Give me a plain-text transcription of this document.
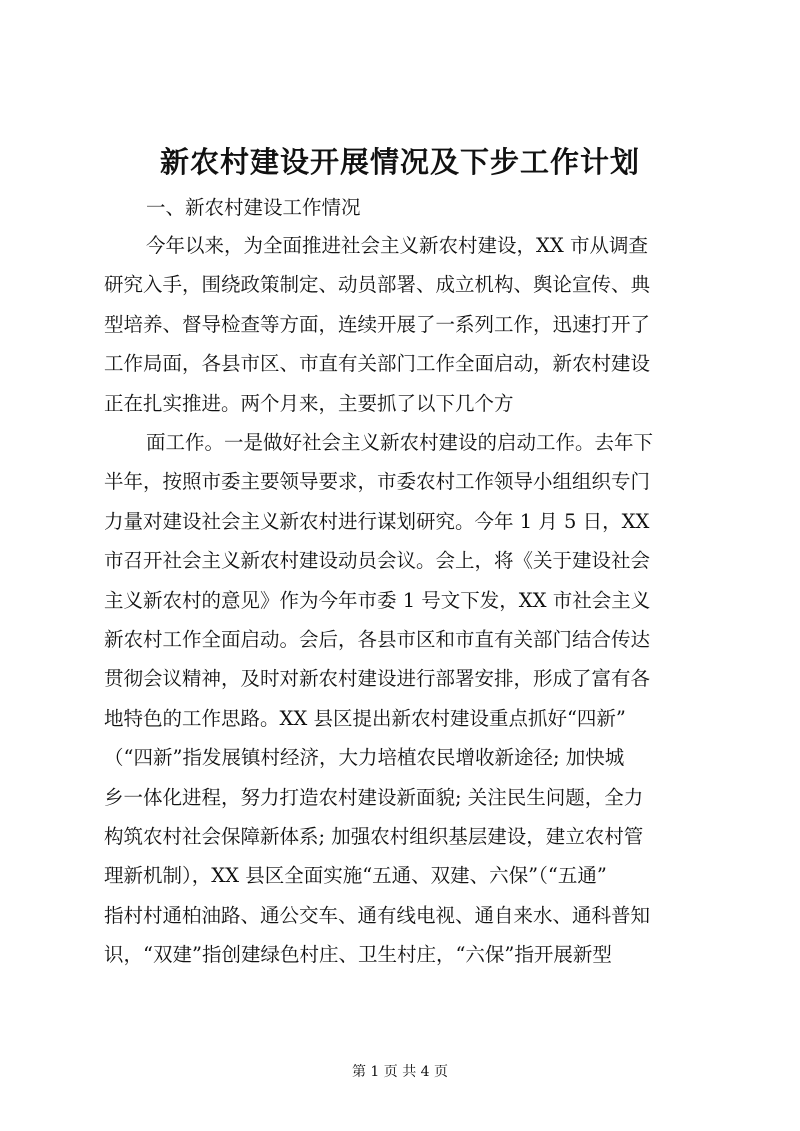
新农村建设开展情况及下步工作计划

一、新农村建设工作情况

今年以来，为全面推进社会主义新农村建设，XX 市从调查
研究入手，围绕政策制定、动员部署、成立机构、舆论宣传、典
型培养、督导检查等方面，连续开展了一系列工作，迅速打开了
工作局面，各县市区、市直有关部门工作全面启动，新农村建设
正在扎实推进。两个月来，主要抓了以下几个方
面工作。一是做好社会主义新农村建设的启动工作。去年下
半年，按照市委主要领导要求，市委农村工作领导小组组织专门
力量对建设社会主义新农村进行谋划研究。今年 1 月 5 日，XX
市召开社会主义新农村建设动员会议。会上，将《关于建设社会
主义新农村的意见》作为今年市委 1 号文下发，XX 市社会主义
新农村工作全面启动。会后，各县市区和市直有关部门结合传达
贯彻会议精神，及时对新农村建设进行部署安排，形成了富有各
地特色的工作思路。XX 县区提出新农村建设重点抓好“四新”
（“四新”指发展镇村经济，大力培植农民增收新途径; 加快城
乡一体化进程，努力打造农村建设新面貌; 关注民生问题，全力
构筑农村社会保障新体系; 加强农村组织基层建设，建立农村管
理新机制），XX 县区全面实施“五通、双建、六保”（“五通”
指村村通柏油路、通公交车、通有线电视、通自来水、通科普知
识，“双建”指创建绿色村庄、卫生村庄，“六保”指开展新型

第 1 页 共 4 页
